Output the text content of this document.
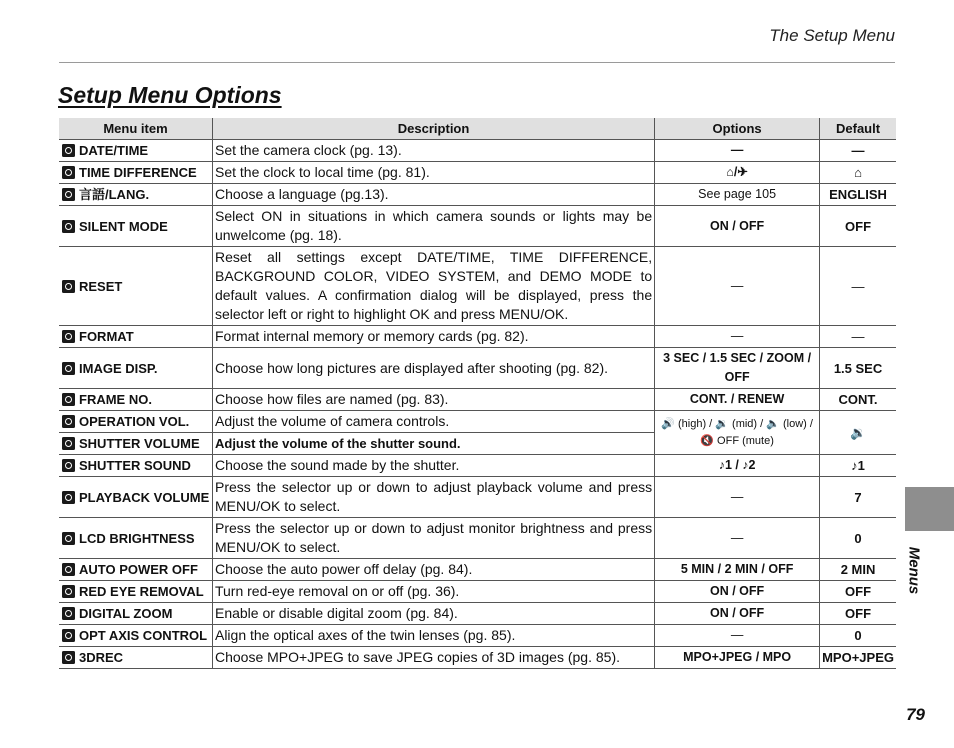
The Setup Menu
Setup Menu Options
Menu item	Description	Options	Default
DATE/TIME	Set the camera clock (pg. 13).	—	—
TIME DIFFERENCE	Set the clock to local time (pg. 81).	⌂/✈	⌂
言語/LANG.	Choose a language (pg.13).	See page 105	ENGLISH
SILENT MODE	Select ON in situations in which camera sounds or lights may be unwelcome (pg. 18).	ON / OFF	OFF
RESET	Reset all settings except DATE/TIME, TIME DIFFERENCE, BACKGROUND COLOR, VIDEO SYSTEM, and DEMO MODE to default values. A confirmation dialog will be displayed, press the selector left or right to highlight OK and press MENU/OK.	—	—
FORMAT	Format internal memory or memory cards (pg. 82).	—	—
IMAGE DISP.	Choose how long pictures are displayed after shooting (pg. 82).	3 SEC / 1.5 SEC / ZOOM / OFF	1.5 SEC
FRAME NO.	Choose how files are named (pg. 83).	CONT. / RENEW	CONT.
OPERATION VOL.	Adjust the volume of camera controls.	🔊 (high) / 🔉 (mid) / 🔈 (low) / 🔇 OFF (mute)	🔉
SHUTTER VOLUME	Adjust the volume of the shutter sound.		
SHUTTER SOUND	Choose the sound made by the shutter.	♪1 / ♪2	♪1
PLAYBACK VOLUME	Press the selector up or down to adjust playback volume and press MENU/OK to select.	—	7
LCD BRIGHTNESS	Press the selector up or down to adjust monitor brightness and press MENU/OK to select.	—	0
AUTO POWER OFF	Choose the auto power off delay (pg. 84).	5 MIN / 2 MIN / OFF	2 MIN
RED EYE REMOVAL	Turn red-eye removal on or off (pg. 36).	ON / OFF	OFF
DIGITAL ZOOM	Enable or disable digital zoom (pg. 84).	ON / OFF	OFF
OPT AXIS CONTROL	Align the optical axes of the twin lenses (pg. 85).	—	0
3DREC	Choose MPO+JPEG to save JPEG copies of 3D images (pg. 85).	MPO+JPEG / MPO	MPO+JPEG
Menus
79
